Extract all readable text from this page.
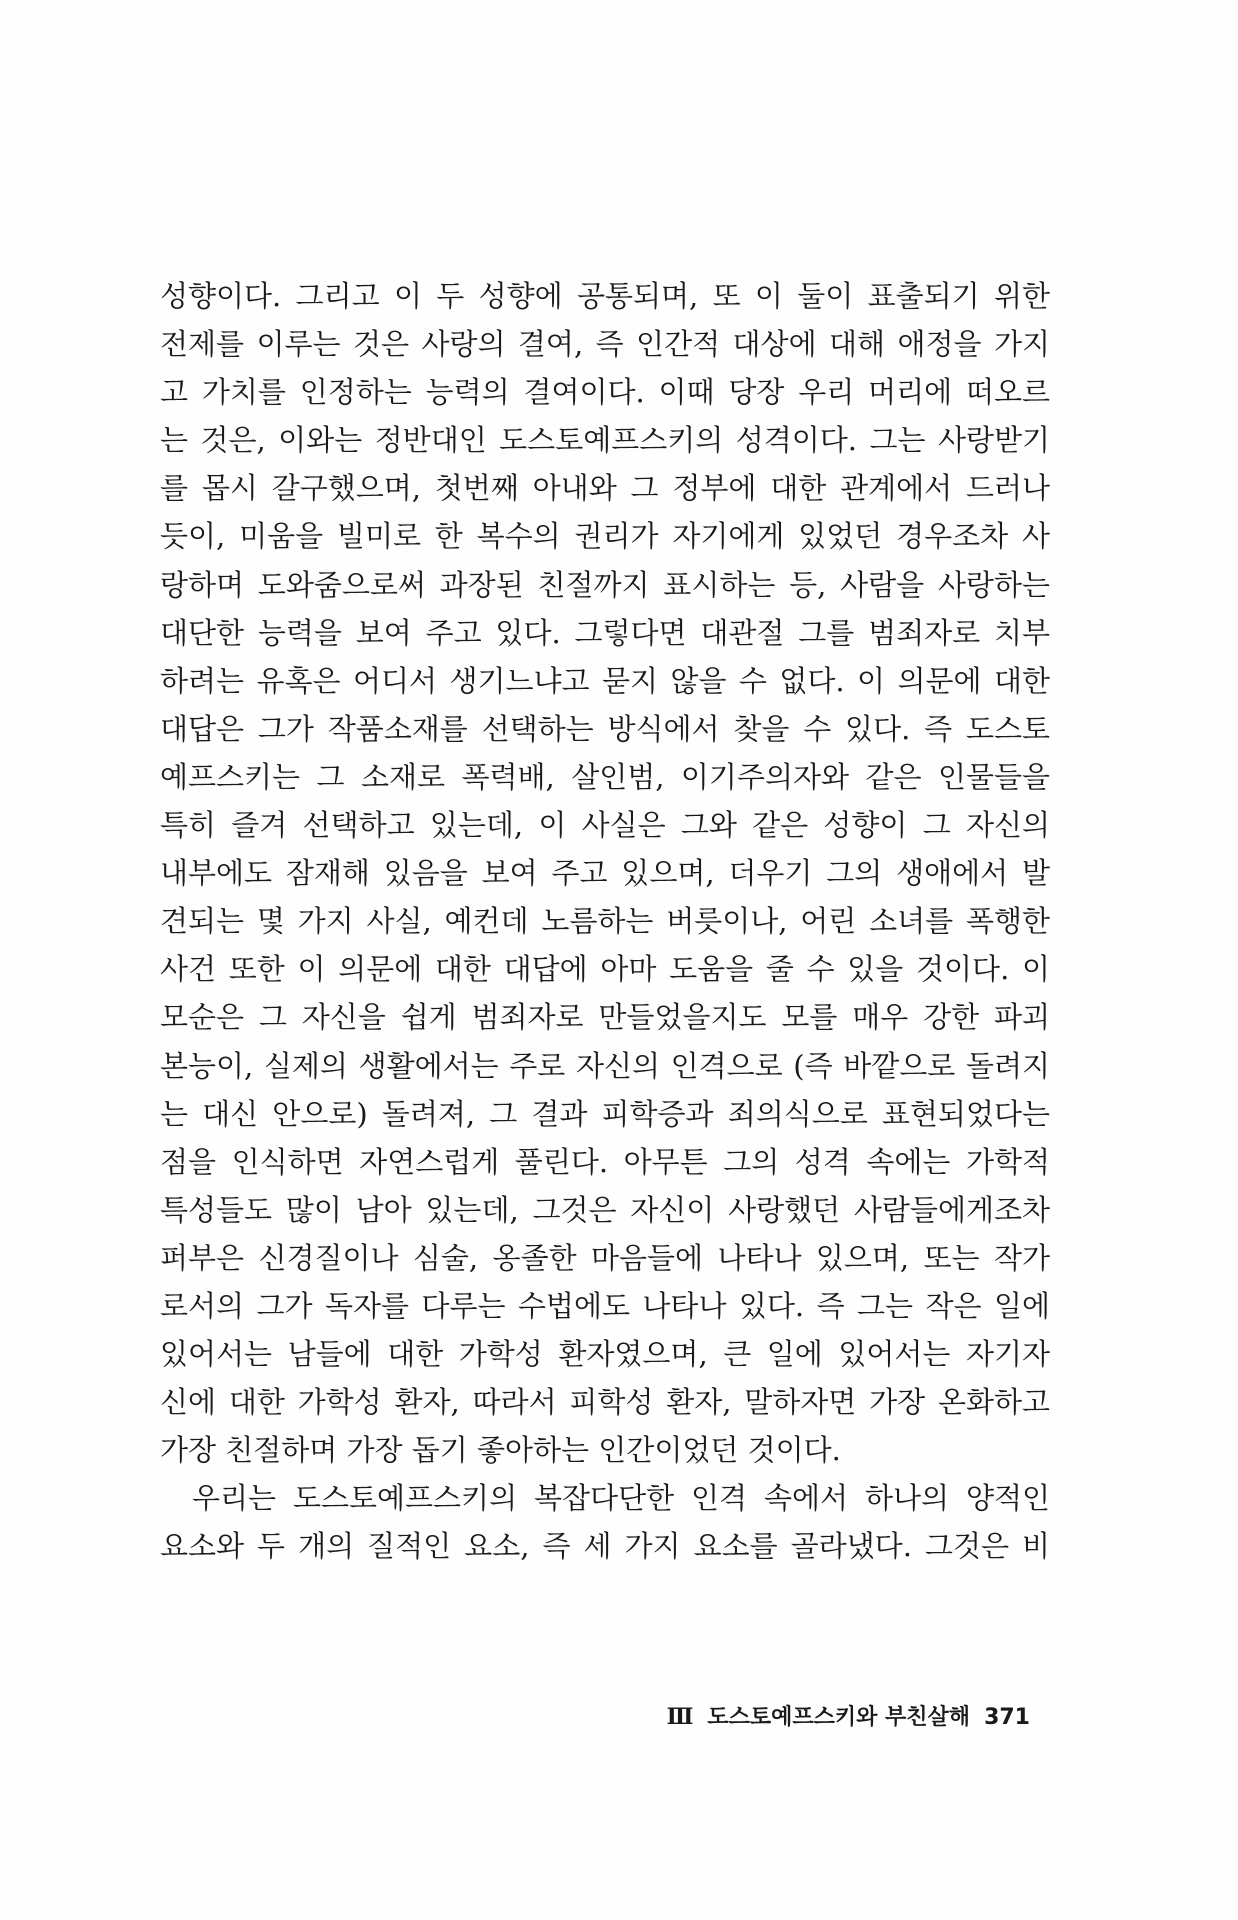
성향이다. 그리고 이 두 성향에 공통되며, 또 이 둘이 표출되기 위한
전제를 이루는 것은 사랑의 결여, 즉 인간적 대상에 대해 애정을 가지
고 가치를 인정하는 능력의 결여이다. 이때 당장 우리 머리에 떠오르
는 것은, 이와는 정반대인 도스토예프스키의 성격이다. 그는 사랑받기
를 몹시 갈구했으며, 첫번째 아내와 그 정부에 대한 관계에서 드러나
듯이, 미움을 빌미로 한 복수의 권리가 자기에게 있었던 경우조차 사
랑하며 도와줌으로써 과장된 친절까지 표시하는 등, 사람을 사랑하는
대단한 능력을 보여 주고 있다. 그렇다면 대관절 그를 범죄자로 치부
하려는 유혹은 어디서 생기느냐고 묻지 않을 수 없다. 이 의문에 대한
대답은 그가 작품소재를 선택하는 방식에서 찾을 수 있다. 즉 도스토
예프스키는 그 소재로 폭력배, 살인범, 이기주의자와 같은 인물들을
특히 즐겨 선택하고 있는데, 이 사실은 그와 같은 성향이 그 자신의
내부에도 잠재해 있음을 보여 주고 있으며, 더우기 그의 생애에서 발
견되는 몇 가지 사실, 예컨데 노름하는 버릇이나, 어린 소녀를 폭행한
사건 또한 이 의문에 대한 대답에 아마 도움을 줄 수 있을 것이다. 이
모순은 그 자신을 쉽게 범죄자로 만들었을지도 모를 매우 강한 파괴
본능이, 실제의 생활에서는 주로 자신의 인격으로 (즉 바깥으로 돌려지
는 대신 안으로) 돌려져, 그 결과 피학증과 죄의식으로 표현되었다는
점을 인식하면 자연스럽게 풀린다. 아무튼 그의 성격 속에는 가학적
특성들도 많이 남아 있는데, 그것은 자신이 사랑했던 사람들에게조차
퍼부은 신경질이나 심술, 옹졸한 마음들에 나타나 있으며, 또는 작가
로서의 그가 독자를 다루는 수법에도 나타나 있다. 즉 그는 작은 일에
있어서는 남들에 대한 가학성 환자였으며, 큰 일에 있어서는 자기자
신에 대한 가학성 환자, 따라서 피학성 환자, 말하자면 가장 온화하고
가장 친절하며 가장 돕기 좋아하는 인간이었던 것이다.
우리는 도스토예프스키의 복잡다단한 인격 속에서 하나의 양적인
요소와 두 개의 질적인 요소, 즉 세 가지 요소를 골라냈다. 그것은 비
Ⅲ 도스토예프스키와 부친살해 371
